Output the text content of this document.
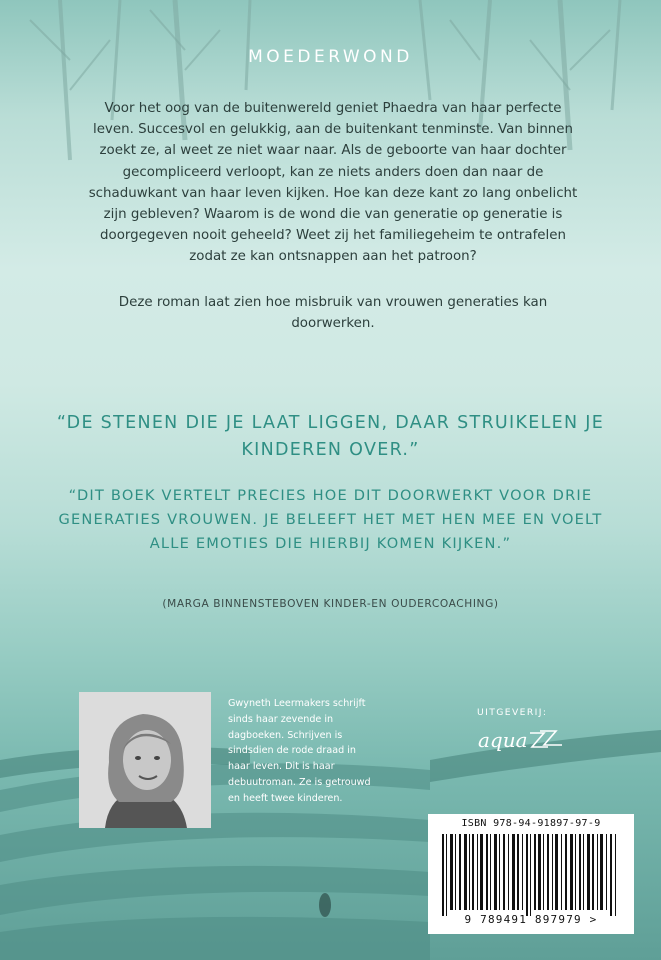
MOEDERWOND
Voor het oog van de buitenwereld geniet Phaedra van haar perfecte leven. Succesvol en gelukkig, aan de buitenkant tenminste. Van binnen zoekt ze, al weet ze niet waar naar. Als de geboorte van haar dochter gecompliceerd verloopt, kan ze niets anders doen dan naar de schaduwkant van haar leven kijken. Hoe kan deze kant zo lang onbelicht zijn gebleven? Waarom is de wond die van generatie op generatie is doorgegeven nooit geheeld? Weet zij het familiegeheim te ontrafelen zodat ze kan ontsnappen aan het patroon?
Deze roman laat zien hoe misbruik van vrouwen generaties kan doorwerken.
“DE STENEN DIE JE LAAT LIGGEN, DAAR STRUIKELEN JE KINDEREN OVER.”
“DIT BOEK VERTELT PRECIES HOE DIT DOORWERKT VOOR DRIE GENERATIES VROUWEN. JE BELEEFT HET MET HEN MEE EN VOELT ALLE EMOTIES DIE HIERBIJ KOMEN KIJKEN.”
(MARGA BINNENSTEBOVEN KINDER-EN OUDERCOACHING)
Gwyneth Leermakers schrijft sinds haar zevende in dagboeken. Schrijven is sindsdien de rode draad in haar leven. Dit is haar debuutroman. Ze is getrouwd en heeft twee kinderen.
UITGEVERIJ:
aqua
ISBN 978-94-91897-97-9
9 789491 897979 >
